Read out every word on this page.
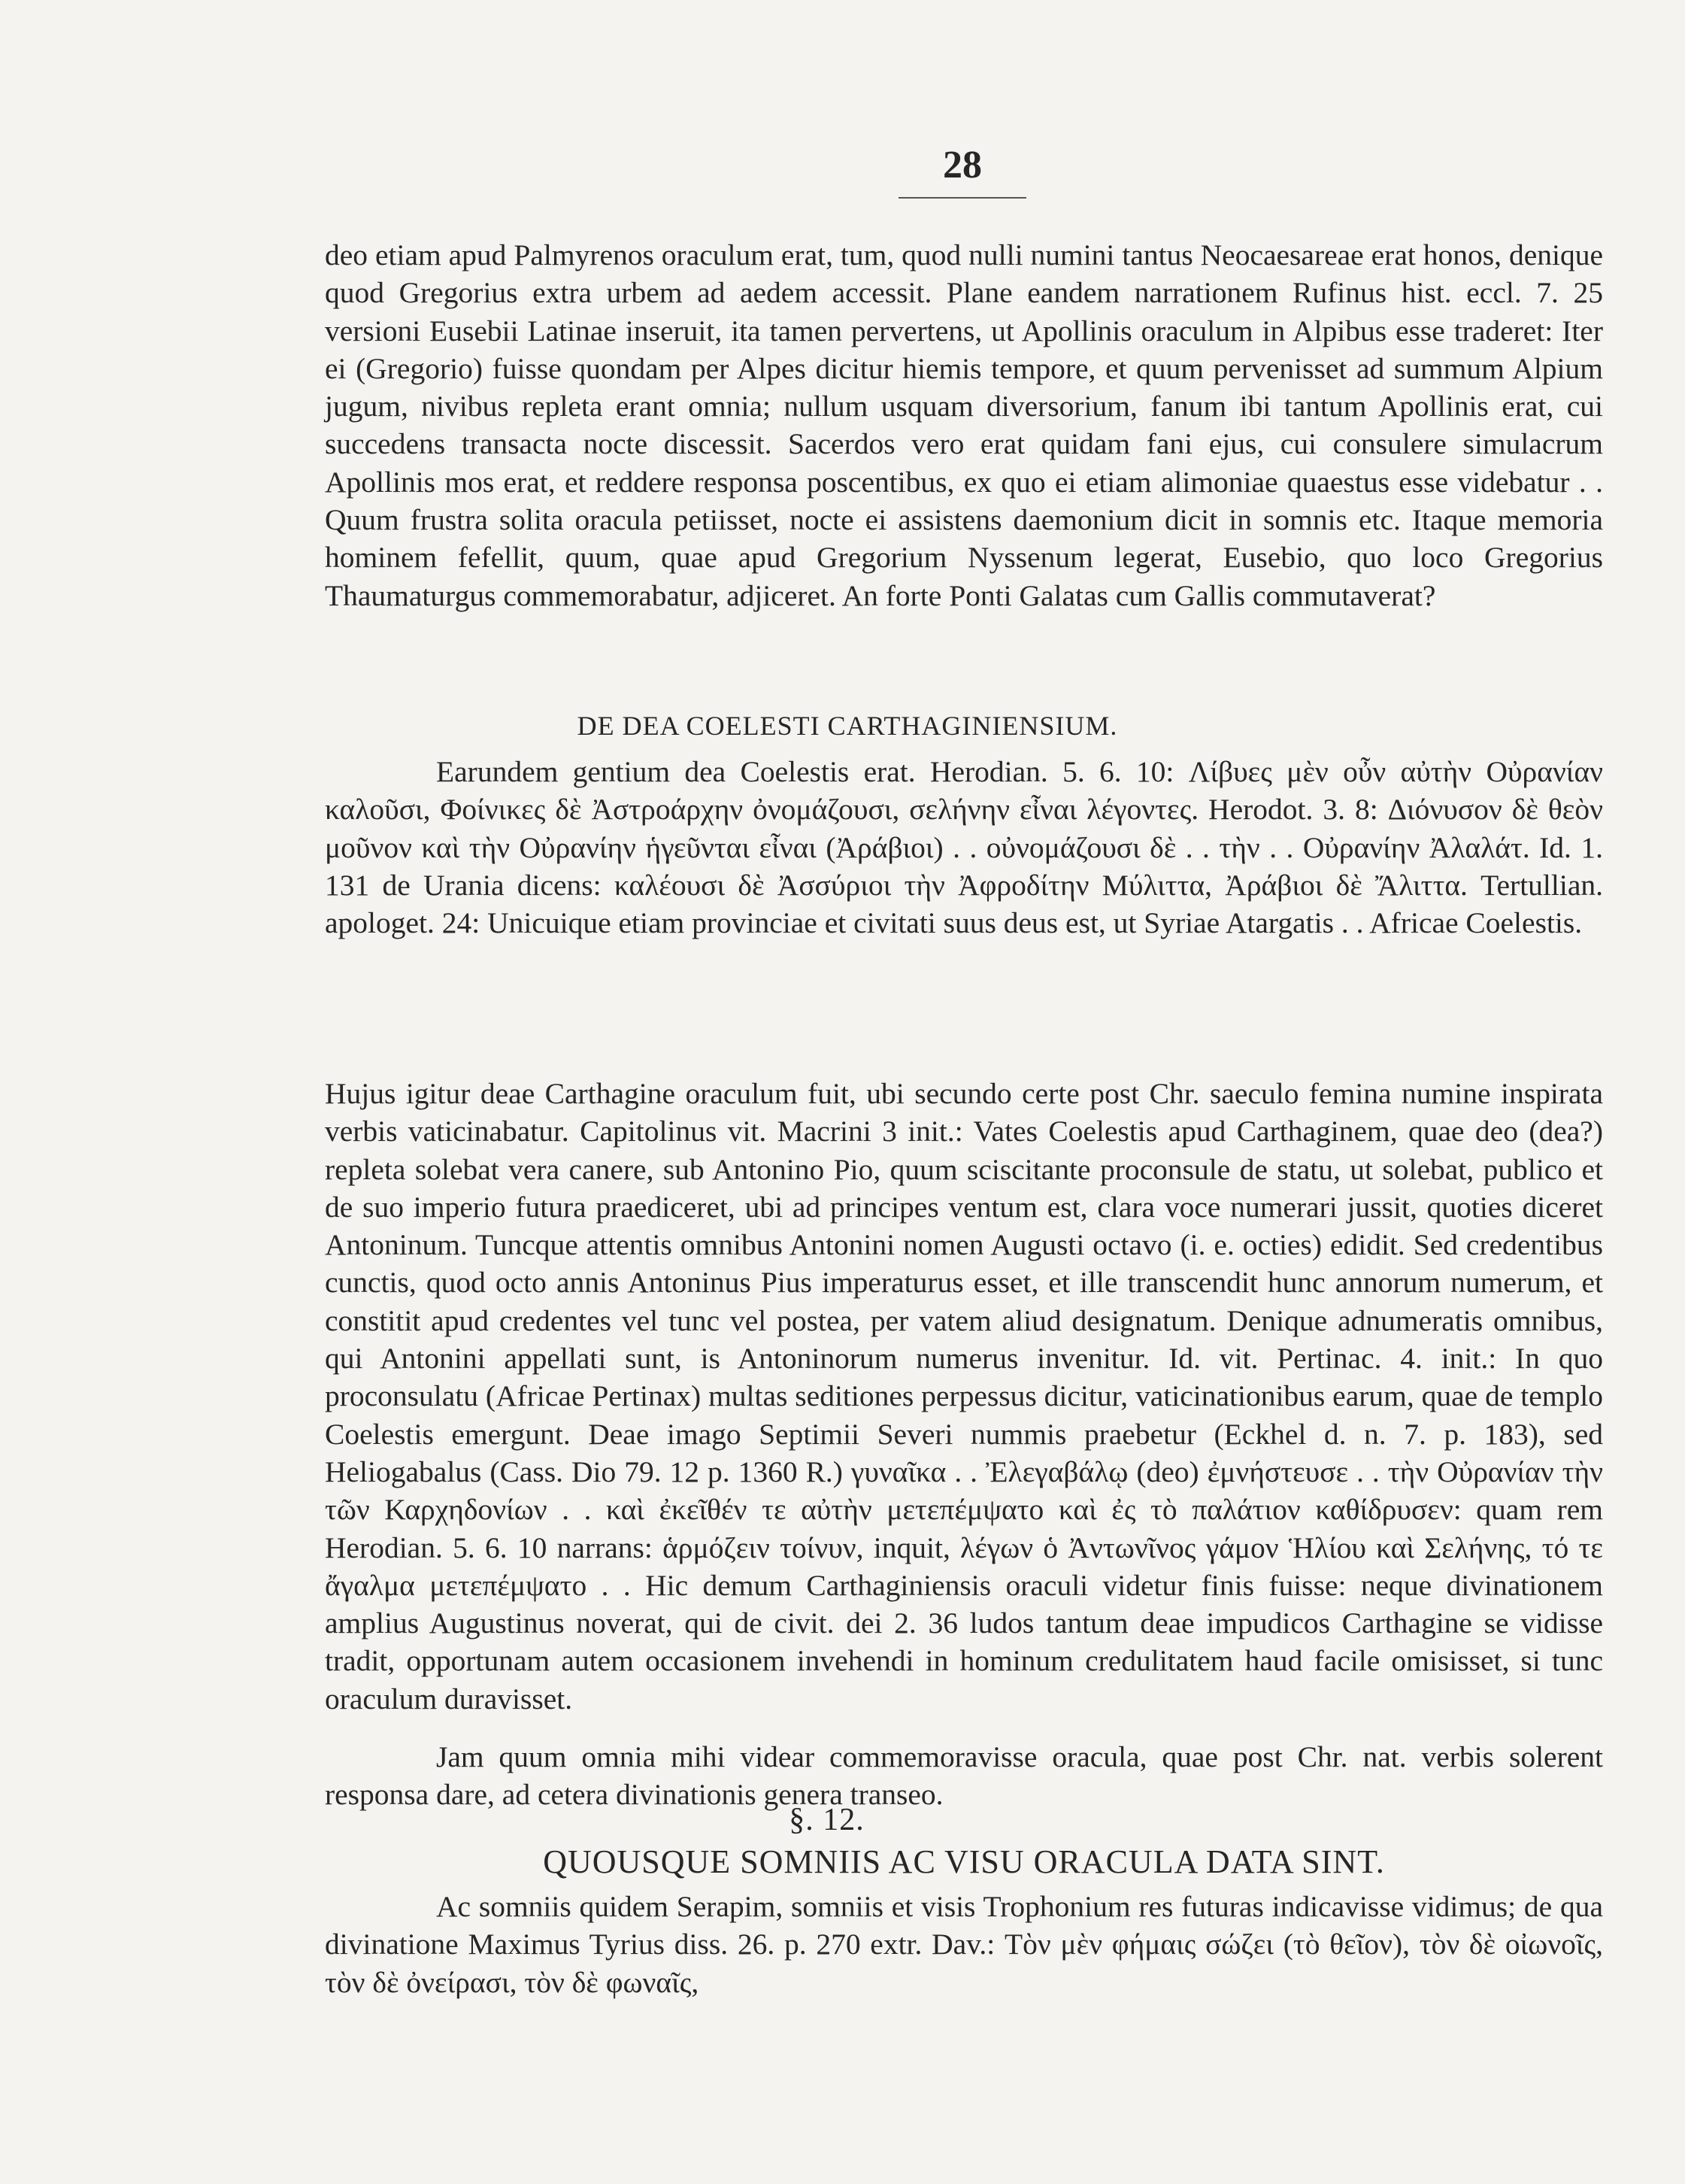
28

deo etiam apud Palmyrenos oraculum erat, tum, quod nulli numini tantus Neocaesareae erat honos, denique quod Gregorius extra urbem ad aedem accessit. Plane eandem narrationem Rufinus hist. eccl. 7. 25 versioni Eusebii Latinae inseruit, ita tamen pervertens, ut Apollinis oraculum in Alpibus esse traderet: Iter ei (Gregorio) fuisse quondam per Alpes dicitur hiemis tempore, et quum pervenisset ad summum Alpium jugum, nivibus repleta erant omnia; nullum usquam diversorium, fanum ibi tantum Apollinis erat, cui succedens transacta nocte discessit. Sacerdos vero erat quidam fani ejus, cui consulere simulacrum Apollinis mos erat, et reddere responsa poscentibus, ex quo ei etiam alimoniae quaestus esse videbatur . . Quum frustra solita oracula petiisset, nocte ei assistens daemonium dicit in somnis etc. Itaque memoria hominem fefellit, quum, quae apud Gregorium Nyssenum legerat, Eusebio, quo loco Gregorius Thaumaturgus commemorabatur, adjiceret. An forte Ponti Galatas cum Gallis commutaverat?

DE DEA COELESTI CARTHAGINIENSIUM.

Earundem gentium dea Coelestis erat. Herodian. 5. 6. 10: Λίβυες μὲν οὖν αὐτὴν Οὐρανίαν καλοῦσι, Φοίνικες δὲ Ἀστροάρχην ὀνομάζουσι, σελήνην εἶναι λέγοντες. Herodot. 3. 8: Διόνυσον δὲ θεὸν μοῦνον καὶ τὴν Οὐρανίην ἡγεῦνται εἶναι (Ἀράβιοι) . . οὐνομάζουσι δὲ . . τὴν . . Οὐρανίην Ἀλαλάτ. Id. 1. 131 de Urania dicens: καλέουσι δὲ Ἀσσύριοι τὴν Ἀφροδίτην Μύλιττα, Ἀράβιοι δὲ Ἄλιττα. Tertullian. apologet. 24: Unicuique etiam provinciae et civitati suus deus est, ut Syriae Atargatis . . Africae Coelestis.

Hujus igitur deae Carthagine oraculum fuit, ubi secundo certe post Chr. saeculo femina numine inspirata verbis vaticinabatur. Capitolinus vit. Macrini 3 init.: Vates Coelestis apud Carthaginem, quae deo (dea?) repleta solebat vera canere, sub Antonino Pio, quum sciscitante proconsule de statu, ut solebat, publico et de suo imperio futura praediceret, ubi ad principes ventum est, clara voce numerari jussit, quoties diceret Antoninum. Tuncque attentis omnibus Antonini nomen Augusti octavo (i. e. octies) edidit. Sed credentibus cunctis, quod octo annis Antoninus Pius imperaturus esset, et ille transcendit hunc annorum numerum, et constitit apud credentes vel tunc vel postea, per vatem aliud designatum. Denique adnumeratis omnibus, qui Antonini appellati sunt, is Antoninorum numerus invenitur. Id. vit. Pertinac. 4. init.: In quo proconsulatu (Africae Pertinax) multas seditiones perpessus dicitur, vaticinationibus earum, quae de templo Coelestis emergunt. Deae imago Septimii Severi nummis praebetur (Eckhel d. n. 7. p. 183), sed Heliogabalus (Cass. Dio 79. 12 p. 1360 R.) γυναῖκα . . Ἐλεγαβάλῳ (deo) ἐμνήστευσε . . τὴν Οὐρανίαν τὴν τῶν Καρχηδονίων . . καὶ ἐκεῖθέν τε αὐτὴν μετεπέμψατο καὶ ἐς τὸ παλάτιον καθίδρυσεν: quam rem Herodian. 5. 6. 10 narrans: ἁρμόζειν τοίνυν, inquit, λέγων ὁ Ἀντωνῖνος γάμον Ἡλίου καὶ Σελήνης, τό τε ἄγαλμα μετεπέμψατο . . Hic demum Carthaginiensis oraculi videtur finis fuisse: neque divinationem amplius Augustinus noverat, qui de civit. dei 2. 36 ludos tantum deae impudicos Carthagine se vidisse tradit, opportunam autem occasionem invehendi in hominum credulitatem haud facile omisisset, si tunc oraculum duravisset.

Jam quum omnia mihi videar commemoravisse oracula, quae post Chr. nat. verbis solerent responsa dare, ad cetera divinationis genera transeo.

§. 12.
QUOUSQUE SOMNIIS AC VISU ORACULA DATA SINT.

Ac somniis quidem Serapim, somniis et visis Trophonium res futuras indicavisse vidimus; de qua divinatione Maximus Tyrius diss. 26. p. 270 extr. Dav.: Τὸν μὲν φήμαις σώζει (τὸ θεῖον), τὸν δὲ οἰωνοῖς, τὸν δὲ ὀνείρασι, τὸν δὲ φωναῖς,
